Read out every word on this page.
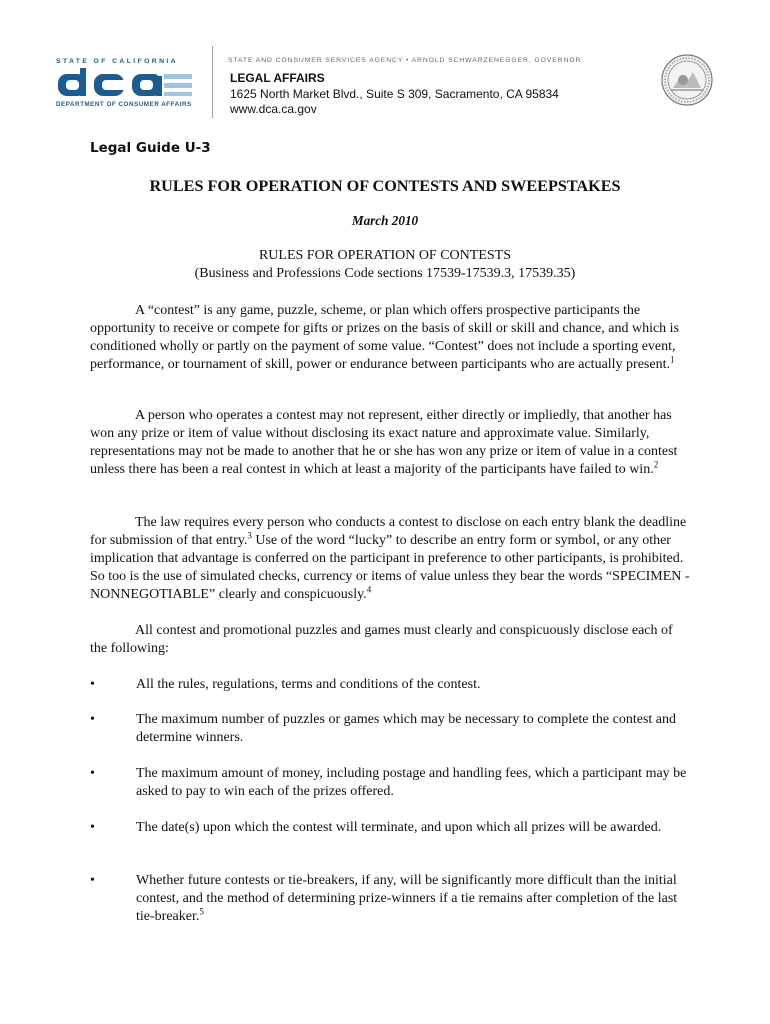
STATE OF CALIFORNIA
DEPARTMENT OF CONSUMER AFFAIRS
STATE AND CONSUMER SERVICES AGENCY • ARNOLD SCHWARZENEGGER, GOVERNOR
LEGAL AFFAIRS
1625 North Market Blvd., Suite S 309, Sacramento, CA 95834
www.dca.ca.gov
Legal Guide U-3
RULES FOR OPERATION OF CONTESTS AND SWEEPSTAKES
March 2010
RULES FOR OPERATION OF CONTESTS
(Business and Professions Code sections 17539-17539.3, 17539.35)

A “contest” is any game, puzzle, scheme, or plan which offers prospective participants the opportunity to receive or compete for gifts or prizes on the basis of skill or skill and chance, and which is conditioned wholly or partly on the payment of some value. “Contest” does not include a sporting event, performance, or tournament of skill, power or endurance between participants who are actually present.$^1$

A person who operates a contest may not represent, either directly or impliedly, that another has won any prize or item of value without disclosing its exact nature and approximate value. Similarly, representations may not be made to another that he or she has won any prize or item of value in a contest unless there has been a real contest in which at least a majority of the participants have failed to win.$^2$

The law requires every person who conducts a contest to disclose on each entry blank the deadline for submission of that entry.$^3$ Use of the word “lucky” to describe an entry form or symbol, or any other implication that advantage is conferred on the participant in preference to other participants, is prohibited. So too is the use of simulated checks, currency or items of value unless they bear the words “SPECIMEN - NONNEGOTIABLE” clearly and conspicuously.$^4$

All contest and promotional puzzles and games must clearly and conspicuously disclose each of the following:

•	All the rules, regulations, terms and conditions of the contest.
•	The maximum number of puzzles or games which may be necessary to complete the contest and determine winners.
•	The maximum amount of money, including postage and handling fees, which a participant may be asked to pay to win each of the prizes offered.
•	The date(s) upon which the contest will terminate, and upon which all prizes will be awarded.
•	Whether future contests or tie-breakers, if any, will be significantly more difficult than the initial contest, and the method of determining prize-winners if a tie remains after completion of the last tie-breaker.$^5$
